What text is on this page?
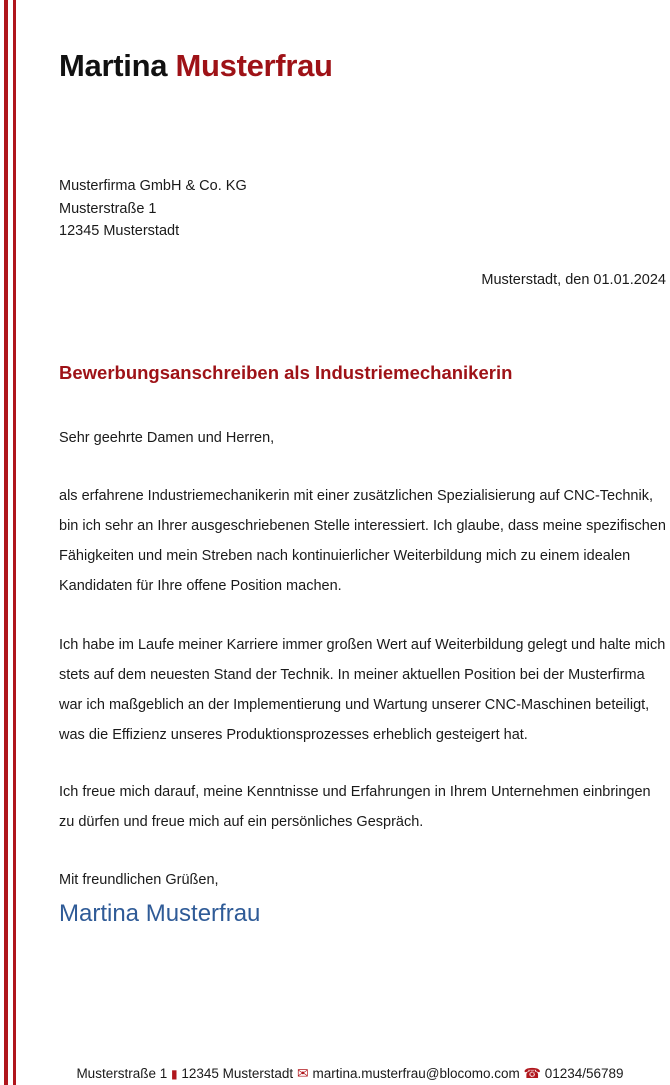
Martina Musterfrau
Musterfirma GmbH & Co. KG
Musterstraße 1
12345 Musterstadt
Musterstadt, den 01.01.2024
Bewerbungsanschreiben als Industriemechanikerin
Sehr geehrte Damen und Herren,

als erfahrene Industriemechanikerin mit einer zusätzlichen Spezialisierung auf CNC-Technik, bin ich sehr an Ihrer ausgeschriebenen Stelle interessiert. Ich glaube, dass meine spezifischen Fähigkeiten und mein Streben nach kontinuierlicher Weiterbildung mich zu einem idealen Kandidaten für Ihre offene Position machen.

Ich habe im Laufe meiner Karriere immer großen Wert auf Weiterbildung gelegt und halte mich stets auf dem neuesten Stand der Technik. In meiner aktuellen Position bei der Musterfirma war ich maßgeblich an der Implementierung und Wartung unserer CNC-Maschinen beteiligt, was die Effizienz unseres Produktionsprozesses erheblich gesteigert hat.

Ich freue mich darauf, meine Kenntnisse und Erfahrungen in Ihrem Unternehmen einbringen zu dürfen und freue mich auf ein persönliches Gespräch.

Mit freundlichen Grüßen,
Martina Musterfrau
Musterstraße 1 ▮ 12345 Musterstadt ✉ martina.musterfrau@blocomo.com ☎ 01234/56789
